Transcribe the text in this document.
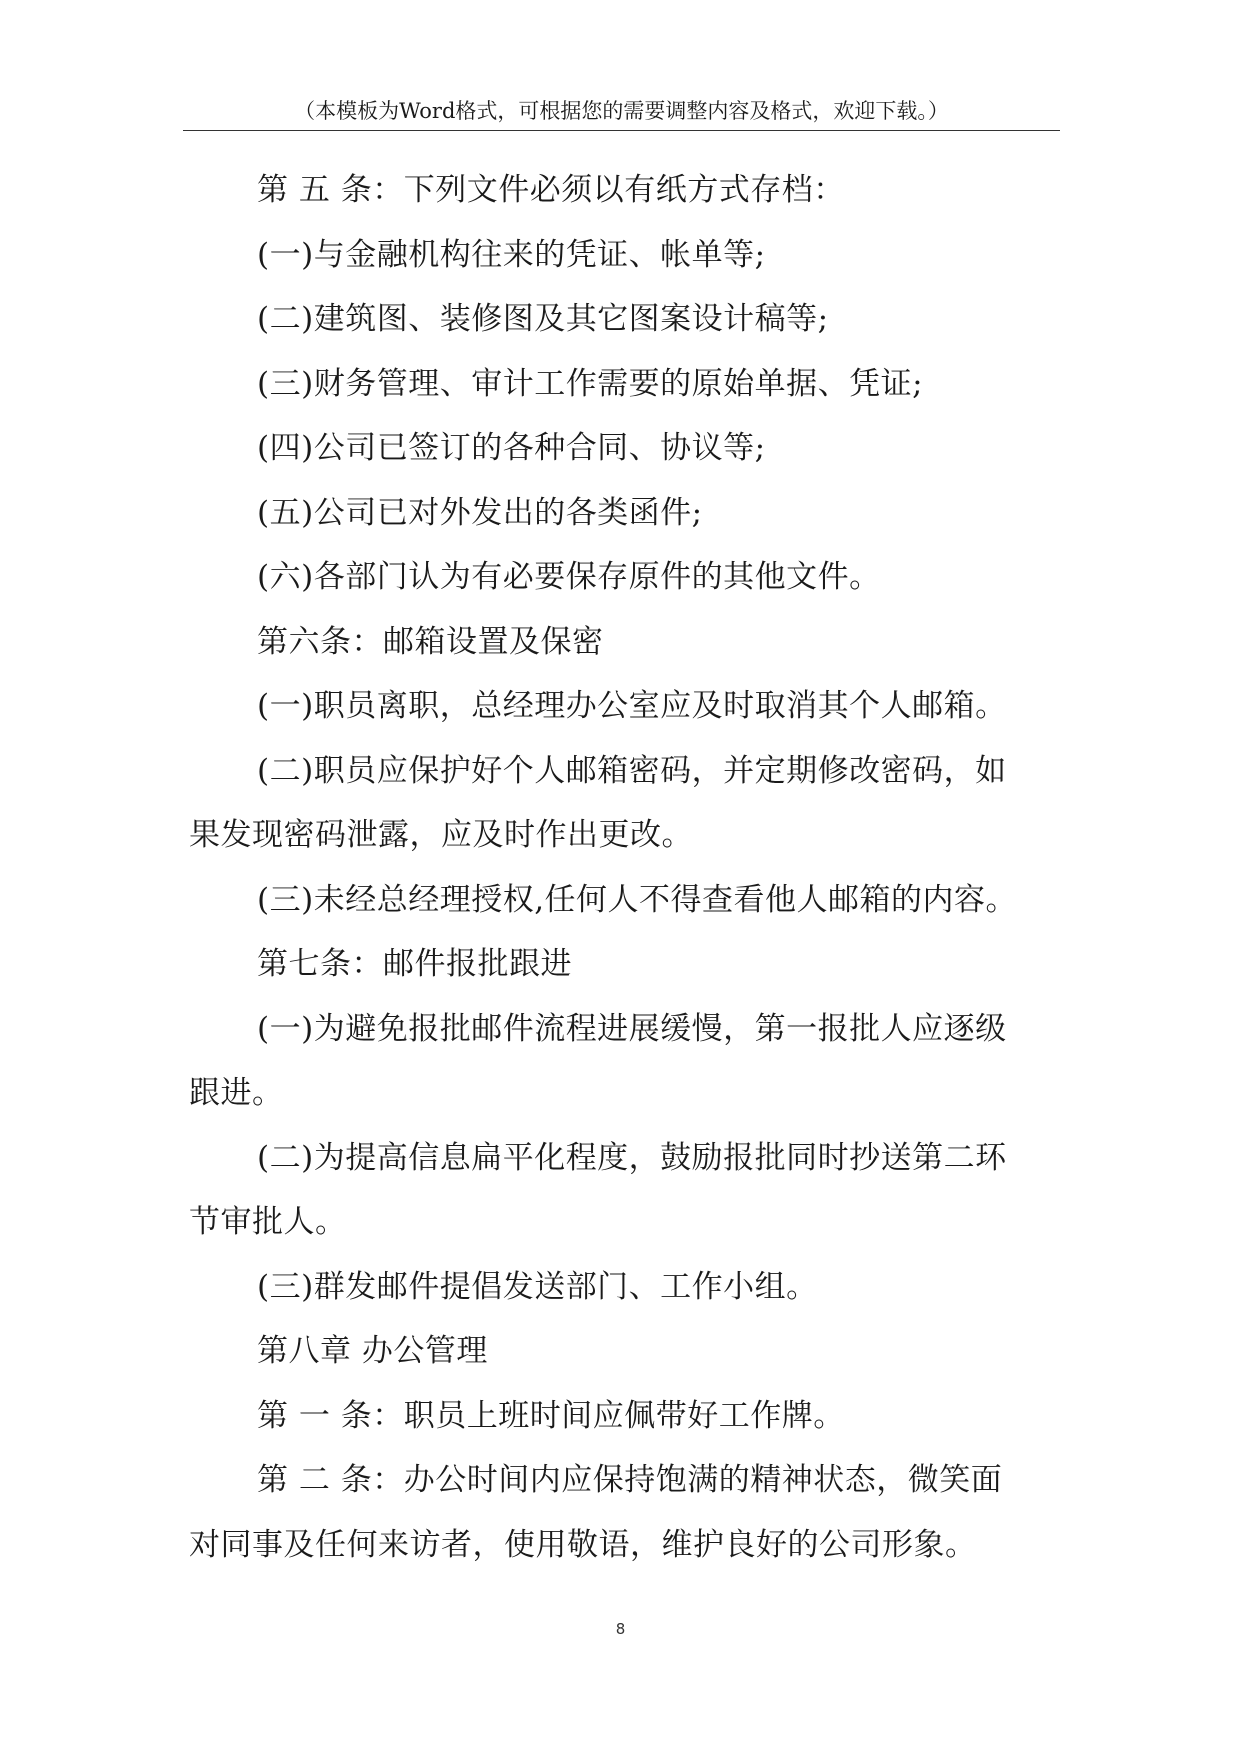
（本模板为Word格式，可根据您的需要调整内容及格式，欢迎下载。）

第 五 条：下列文件必须以有纸方式存档：

(一)与金融机构往来的凭证、帐单等;

(二)建筑图、装修图及其它图案设计稿等;

(三)财务管理、审计工作需要的原始单据、凭证;

(四)公司已签订的各种合同、协议等;

(五)公司已对外发出的各类函件;

(六)各部门认为有必要保存原件的其他文件。

第六条：邮箱设置及保密

(一)职员离职，总经理办公室应及时取消其个人邮箱。

(二)职员应保护好个人邮箱密码，并定期修改密码，如

果发现密码泄露，应及时作出更改。

(三)未经总经理授权,任何人不得查看他人邮箱的内容。

第七条：邮件报批跟进

(一)为避免报批邮件流程进展缓慢，第一报批人应逐级

跟进。

(二)为提高信息扁平化程度，鼓励报批同时抄送第二环

节审批人。

(三)群发邮件提倡发送部门、工作小组。

第八章 办公管理

第 一 条：职员上班时间应佩带好工作牌。

第 二 条：办公时间内应保持饱满的精神状态，微笑面

对同事及任何来访者，使用敬语，维护良好的公司形象。

8
